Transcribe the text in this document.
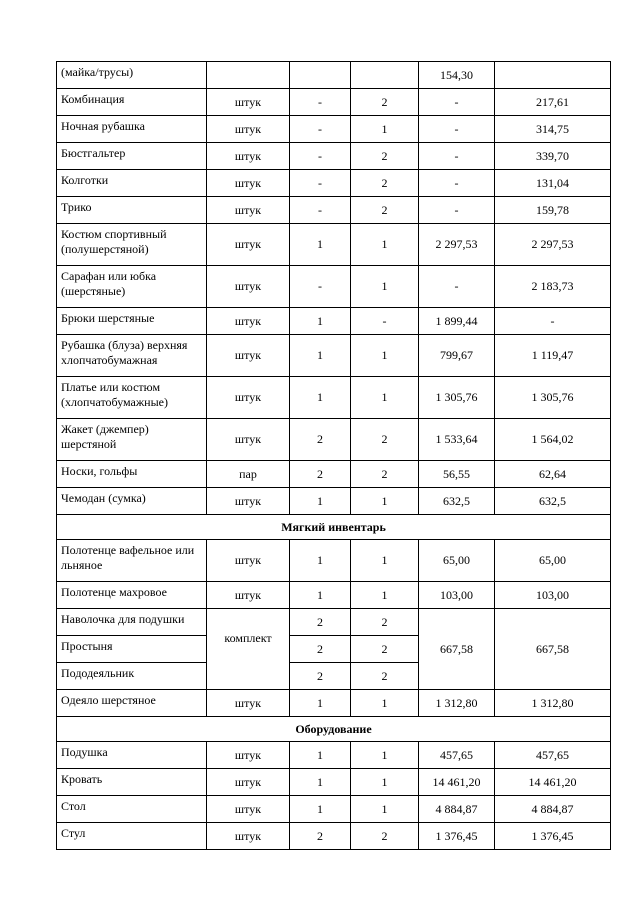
(майка/трусы)				154,30	
Комбинация	штук	-	2	-	217,61
Ночная рубашка	штук	-	1	-	314,75
Бюстгальтер	штук	-	2	-	339,70
Колготки	штук	-	2	-	131,04
Трико	штук	-	2	-	159,78
Костюм спортивный (полушерстяной)	штук	1	1	2 297,53	2 297,53
Сарафан или юбка (шерстяные)	штук	-	1	-	2 183,73
Брюки шерстяные	штук	1	-	1 899,44	-
Рубашка (блуза) верхняя хлопчатобумажная	штук	1	1	799,67	1 119,47
Платье или костюм (хлопчатобумажные)	штук	1	1	1 305,76	1 305,76
Жакет (джемпер) шерстяной	штук	2	2	1 533,64	1 564,02
Носки, гольфы	пар	2	2	56,55	62,64
Чемодан (сумка)	штук	1	1	632,5	632,5
Мягкий инвентарь					
Полотенце вафельное или льняное	штук	1	1	65,00	65,00
Полотенце махровое	штук	1	1	103,00	103,00
Наволочка для подушки	комплект	2	2	667,58	667,58
Простыня		2	2		
Пододеяльник		2	2		
Одеяло шерстяное	штук	1	1	1 312,80	1 312,80
Оборудование					
Подушка	штук	1	1	457,65	457,65
Кровать	штук	1	1	14 461,20	14 461,20
Стол	штук	1	1	4 884,87	4 884,87
Стул	штук	2	2	1 376,45	1 376,45
